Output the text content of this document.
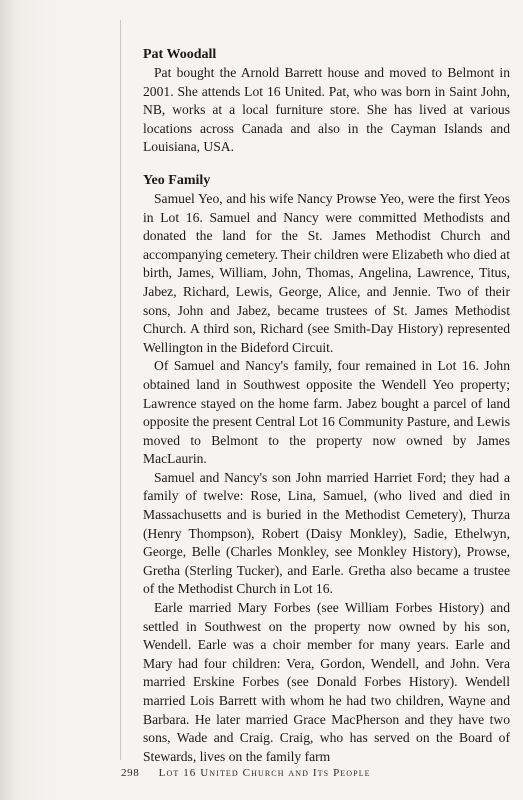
Pat Woodall

Pat bought the Arnold Barrett house and moved to Belmont in 2001. She attends Lot 16 United. Pat, who was born in Saint John, NB, works at a local furniture store. She has lived at various locations across Canada and also in the Cayman Islands and Louisiana, USA.

Yeo Family

Samuel Yeo, and his wife Nancy Prowse Yeo, were the first Yeos in Lot 16. Samuel and Nancy were committed Methodists and donated the land for the St. James Methodist Church and accompanying cemetery. Their children were Elizabeth who died at birth, James, William, John, Thomas, Angelina, Lawrence, Titus, Jabez, Richard, Lewis, George, Alice, and Jennie. Two of their sons, John and Jabez, became trustees of St. James Methodist Church. A third son, Richard (see Smith-Day History) represented Wellington in the Bideford Circuit.

Of Samuel and Nancy's family, four remained in Lot 16. John obtained land in Southwest opposite the Wendell Yeo property; Lawrence stayed on the home farm. Jabez bought a parcel of land opposite the present Central Lot 16 Community Pasture, and Lewis moved to Belmont to the property now owned by James MacLaurin.

Samuel and Nancy's son John married Harriet Ford; they had a family of twelve: Rose, Lina, Samuel, (who lived and died in Massachusetts and is buried in the Methodist Cemetery), Thurza (Henry Thompson), Robert (Daisy Monkley), Sadie, Ethelwyn, George, Belle (Charles Monkley, see Monkley History), Prowse, Gretha (Sterling Tucker), and Earle. Gretha also became a trustee of the Methodist Church in Lot 16.

Earle married Mary Forbes (see William Forbes History) and settled in Southwest on the property now owned by his son, Wendell. Earle was a choir member for many years. Earle and Mary had four children: Vera, Gordon, Wendell, and John. Vera married Erskine Forbes (see Donald Forbes History). Wendell married Lois Barrett with whom he had two children, Wayne and Barbara. He later married Grace MacPherson and they have two sons, Wade and Craig. Craig, who has served on the Board of Stewards, lives on the family farm

298 Lot 16 United Church and Its People
